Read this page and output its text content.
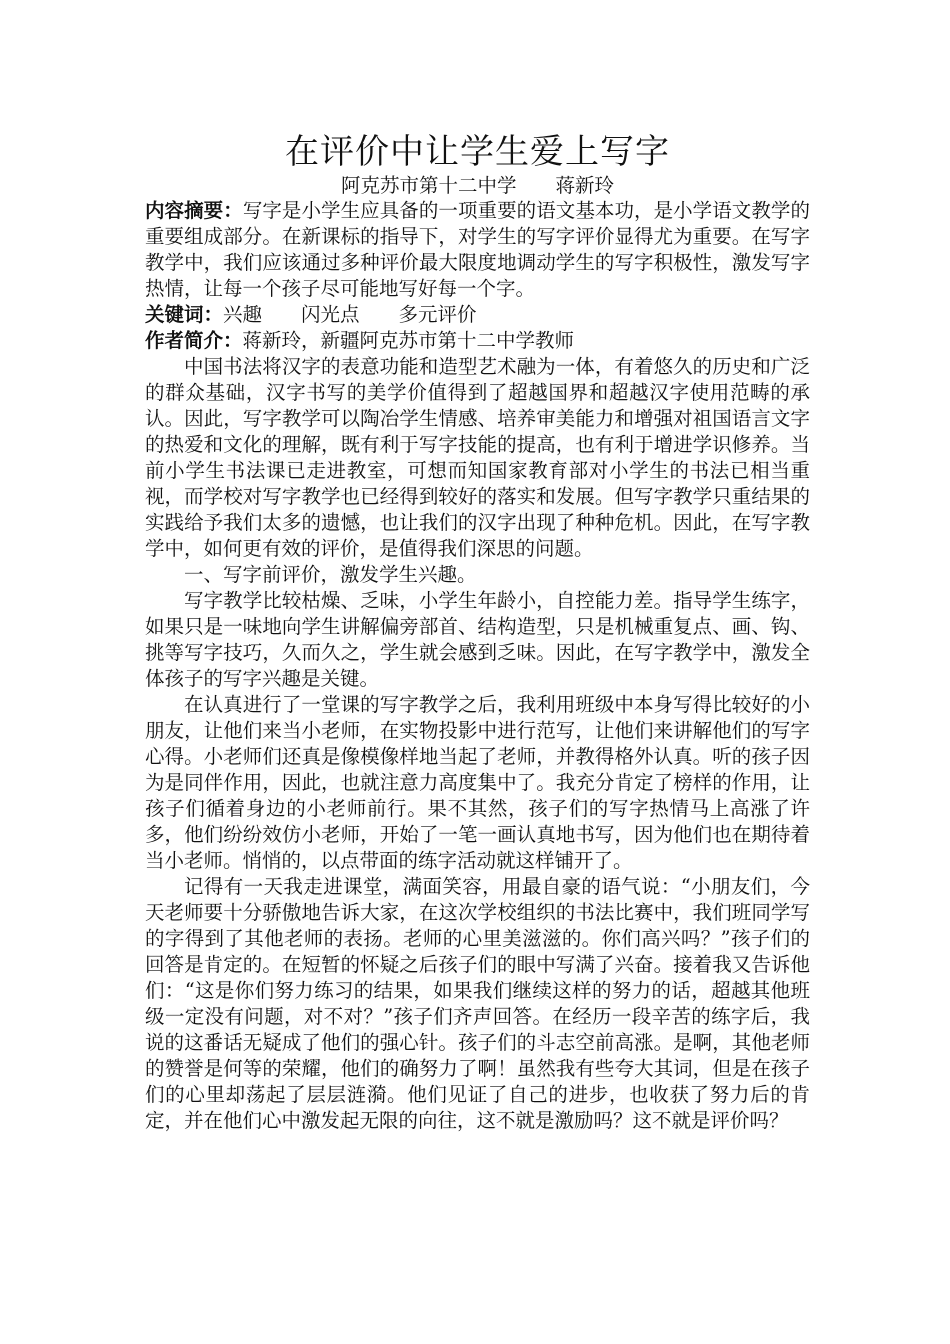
在评价中让学生爱上写字

阿克苏市第十二中学　　蒋新玲

内容摘要：写字是小学生应具备的一项重要的语文基本功，是小学语文教学的重要组成部分。在新课标的指导下，对学生的写字评价显得尤为重要。在写字教学中，我们应该通过多种评价最大限度地调动学生的写字积极性，激发写字热情，让每一个孩子尽可能地写好每一个字。

关键词：兴趣　　闪光点　　多元评价

作者简介：蒋新玲，新疆阿克苏市第十二中学教师

中国书法将汉字的表意功能和造型艺术融为一体，有着悠久的历史和广泛的群众基础，汉字书写的美学价值得到了超越国界和超越汉字使用范畴的承认。因此，写字教学可以陶冶学生情感、培养审美能力和增强对祖国语言文字的热爱和文化的理解，既有利于写字技能的提高，也有利于增进学识修养。当前小学生书法课已走进教室，可想而知国家教育部对小学生的书法已相当重视，而学校对写字教学也已经得到较好的落实和发展。但写字教学只重结果的实践给予我们太多的遗憾，也让我们的汉字出现了种种危机。因此，在写字教学中，如何更有效的评价，是值得我们深思的问题。

一、写字前评价，激发学生兴趣。

写字教学比较枯燥、乏味，小学生年龄小，自控能力差。指导学生练字，如果只是一味地向学生讲解偏旁部首、结构造型，只是机械重复点、画、钩、挑等写字技巧，久而久之，学生就会感到乏味。因此，在写字教学中，激发全体孩子的写字兴趣是关键。

在认真进行了一堂课的写字教学之后，我利用班级中本身写得比较好的小朋友，让他们来当小老师，在实物投影中进行范写，让他们来讲解他们的写字心得。小老师们还真是像模像样地当起了老师，并教得格外认真。听的孩子因为是同伴作用，因此，也就注意力高度集中了。我充分肯定了榜样的作用，让孩子们循着身边的小老师前行。果不其然，孩子们的写字热情马上高涨了许多，他们纷纷效仿小老师，开始了一笔一画认真地书写，因为他们也在期待着当小老师。悄悄的，以点带面的练字活动就这样铺开了。

记得有一天我走进课堂，满面笑容，用最自豪的语气说：“小朋友们，今天老师要十分骄傲地告诉大家，在这次学校组织的书法比赛中，我们班同学写的字得到了其他老师的表扬。老师的心里美滋滋的。你们高兴吗？”孩子们的回答是肯定的。在短暂的怀疑之后孩子们的眼中写满了兴奋。接着我又告诉他们：“这是你们努力练习的结果，如果我们继续这样的努力的话，超越其他班级一定没有问题，对不对？”孩子们齐声回答。在经历一段辛苦的练字后，我说的这番话无疑成了他们的强心针。孩子们的斗志空前高涨。是啊，其他老师的赞誉是何等的荣耀，他们的确努力了啊！虽然我有些夸大其词，但是在孩子们的心里却荡起了层层涟漪。他们见证了自己的进步，也收获了努力后的肯定，并在他们心中激发起无限的向往，这不就是激励吗？这不就是评价吗？
